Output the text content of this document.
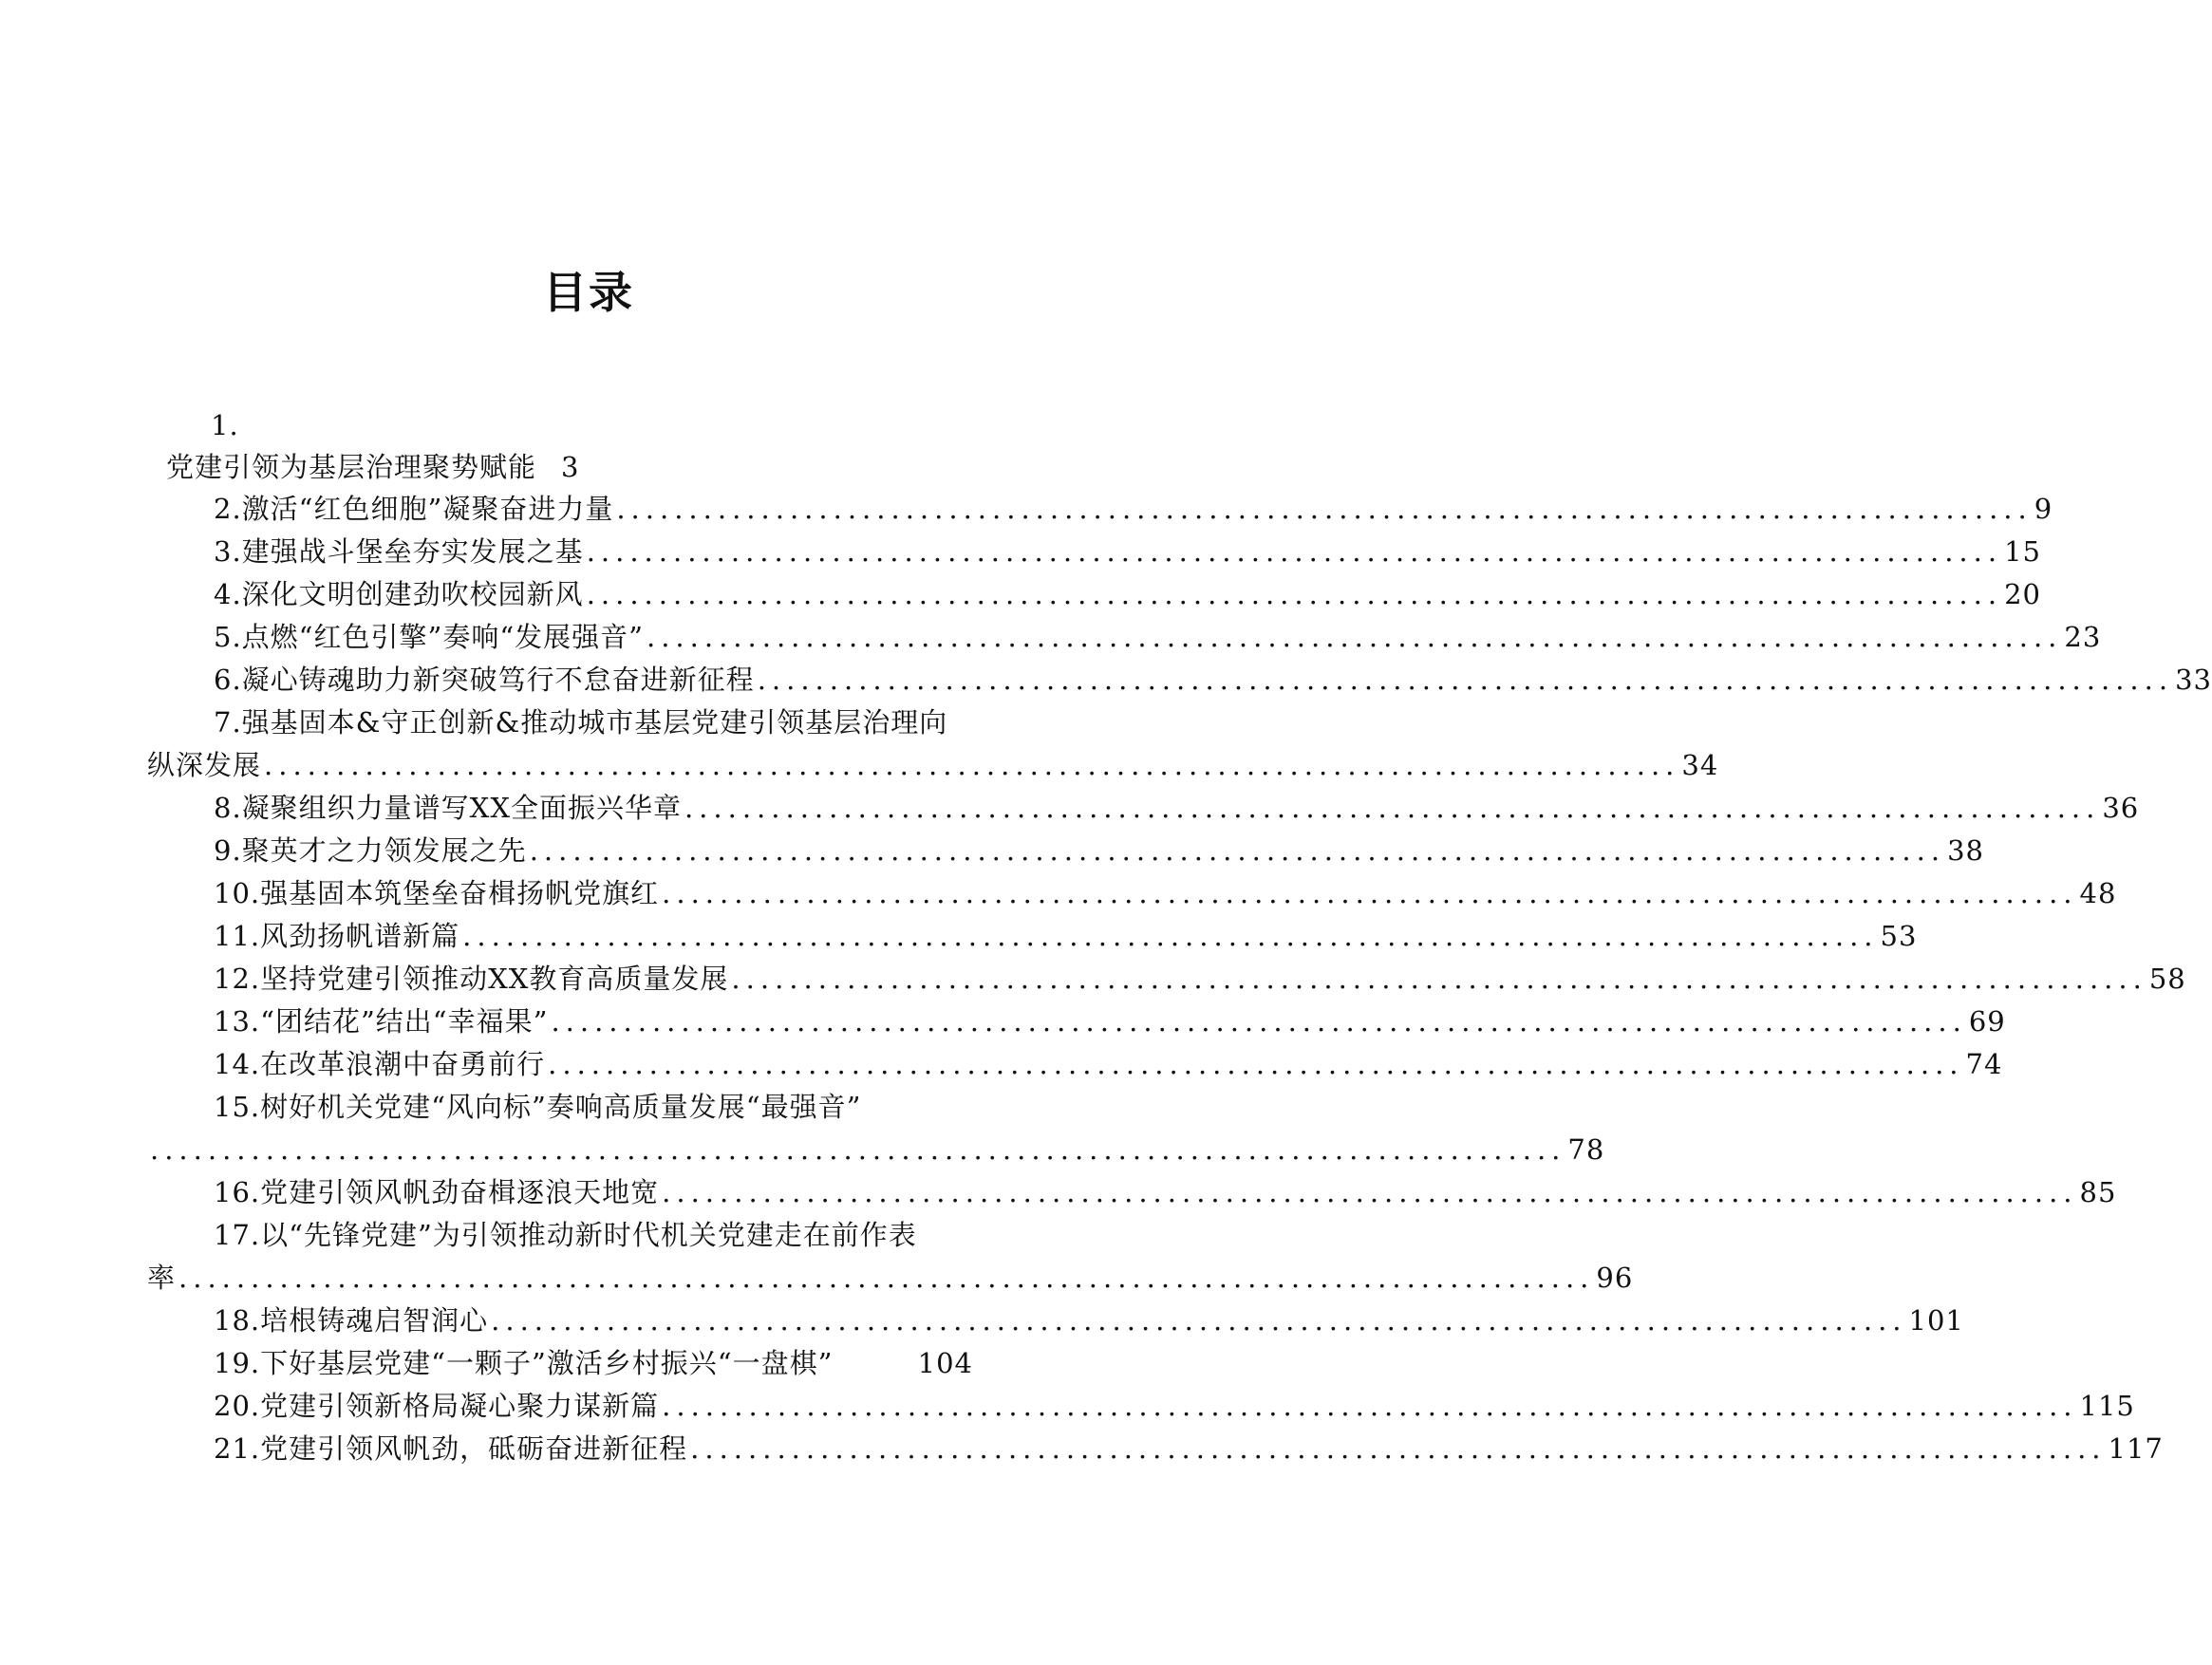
目录
1.
党建引领为基层治理聚势赋能 3
2.激活“红色细胞”凝聚奋进力量 .................................................................................................. 9
3.建强战斗堡垒夯实发展之基 .................................................................................................. 15
4.深化文明创建劲吹校园新风 .................................................................................................. 20
5.点燃“红色引擎”奏响“发展强音” .................................................................................................. 23
6.凝心铸魂助力新突破笃行不怠奋进新征程 .................................................................................................. 33
7.强基固本&守正创新&推动城市基层党建引领基层治理向
纵深发展 .................................................................................................. 34
8.凝聚组织力量谱写XX全面振兴华章 .................................................................................................. 36
9.聚英才之力领发展之先 .................................................................................................. 38
10.强基固本筑堡垒奋楫扬帆党旗红 .................................................................................................. 48
11.风劲扬帆谱新篇 .................................................................................................. 53
12.坚持党建引领推动XX教育高质量发展 .................................................................................................. 58
13.“团结花”结出“幸福果” .................................................................................................. 69
14.在改革浪潮中奋勇前行 .................................................................................................. 74
15.树好机关党建“风向标”奏响高质量发展“最强音”
.................................................................................................. 78
16.党建引领风帆劲奋楫逐浪天地宽 .................................................................................................. 85
17.以“先锋党建”为引领推动新时代机关党建走在前作表
率 .................................................................................................. 96
18.培根铸魂启智润心 .................................................................................................. 101
19.下好基层党建“一颗子”激活乡村振兴“一盘棋”	104
20.党建引领新格局凝心聚力谋新篇 .................................................................................................. 115
21.党建引领风帆劲，砥砺奋进新征程 .................................................................................................. 117
